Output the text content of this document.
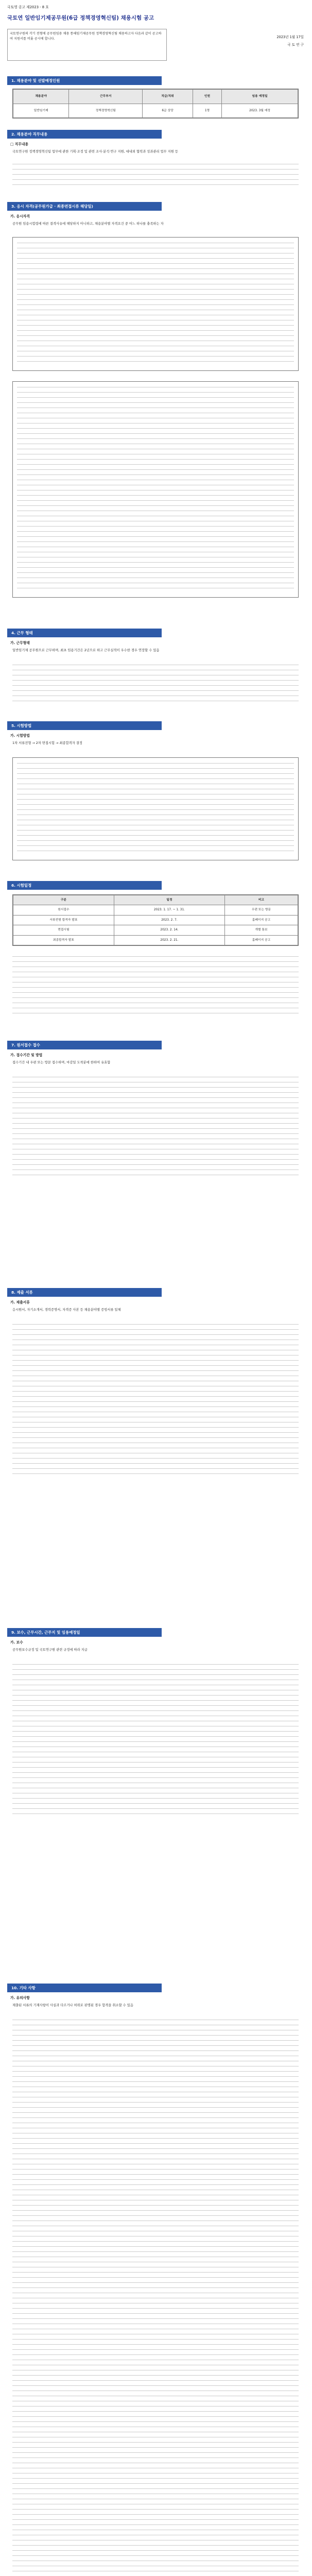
국토영 공고 제2023 - 8 호
국토연 일반임기제공무원(6급 정책경영혁신팀) 채용시험 공고
국토연구원의 각기 전형에 공무원임용 채용 통해임기제공무원 정책경영혁신팀 채용하고자 다음과 같이 공고하여 지원서를 비롯 공시에 합니다.	2023년 1월 17일
국 토 연 구
1. 채용분야 및 선발예정인원
채용분야	근무부서	직급/직위	인원	임용 예정일
일반임기제	정책경영혁신팀	6급 상당	1명	2023. 3월 예정
2. 채용분야 직무내용
□ 직무내용
국토연구원 정책경영혁신팀 업무에 관한 기획·조정 및 관련 조사·분석·연구 지원, 대내외 협력과 성과관리 업무 지원 등
3. 응시 자격(공무원가급 · 최종면접시류 해당일)
가. 응시자격
공무원 임용시험령에 따른 결격사유에 해당하지 아니하고, 채용분야별 자격요건 중 어느 하나를 충족하는 자
4. 근무 형태
가. 근무형태
일반임기제 공무원으로 근무하며, 최초 임용기간은 2년으로 하고 근무실적이 우수한 경우 연장할 수 있음
5. 시험방법
가. 시험방법
1차 서류전형 → 2차 면접시험 → 최종합격자 결정
6. 시험일정
구분	일정	비고
원서접수	2023. 1. 17. ~ 1. 31.	우편 또는 방문
서류전형 합격자 발표	2023. 2. 7.	홈페이지 공고
면접시험	2023. 2. 14.	개별 통보
최종합격자 발표	2023. 2. 21.	홈페이지 공고
7. 원서접수 접수
가. 접수기간 및 방법
접수기간 내 우편 또는 방문 접수하며, 마감일 도착분에 한하여 유효함
8. 제출 서류
가. 제출서류
응시원서, 자기소개서, 경력증명서, 자격증 사본 등 채용분야별 증빙서류 일체
9. 보수, 근무시간, 근무지 및 임용예정일
가. 보수
공무원보수규정 및 국토연구원 관련 규정에 따라 지급
10. 기타 사항
가. 유의사항
제출된 서류의 기재사항이 사실과 다르거나 허위로 판명된 경우 합격을 취소할 수 있음
